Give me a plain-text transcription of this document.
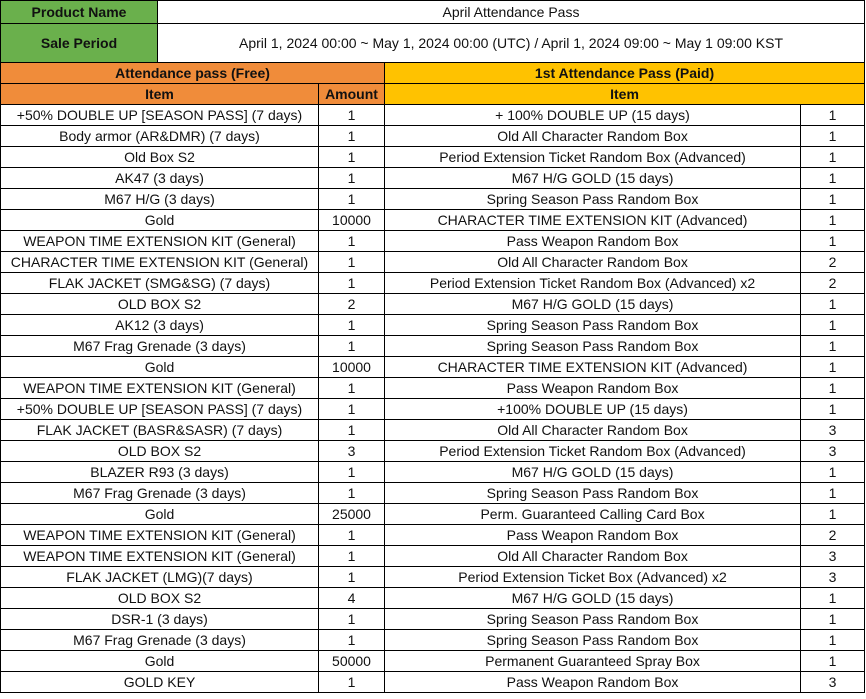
Product Name	April Attendance Pass
Sale Period	April 1, 2024 00:00 ~ May 1, 2024 00:00 (UTC) / April 1, 2024 09:00 ~ May 1 09:00 KST
Attendance pass (Free)		1st Attendance Pass (Paid)	
Item	Amount	Item	
+50% DOUBLE UP [SEASON PASS] (7 days)	1	+ 100% DOUBLE UP (15 days)	1
Body armor (AR&DMR) (7 days)	1	Old All Character Random Box	1
Old Box S2	1	Period Extension Ticket Random Box (Advanced)	1
AK47 (3 days)	1	M67 H/G GOLD (15 days)	1
M67 H/G (3 days)	1	Spring Season Pass Random Box	1
Gold	10000	CHARACTER TIME EXTENSION KIT (Advanced)	1
WEAPON TIME EXTENSION KIT (General)	1	Pass Weapon Random Box	1
CHARACTER TIME EXTENSION KIT (General)	1	Old All Character Random Box	2
FLAK JACKET (SMG&SG) (7 days)	1	Period Extension Ticket Random Box (Advanced) x2	2
OLD BOX S2	2	M67 H/G GOLD (15 days)	1
AK12 (3 days)	1	Spring Season Pass Random Box	1
M67 Frag Grenade (3 days)	1	Spring Season Pass Random Box	1
Gold	10000	CHARACTER TIME EXTENSION KIT (Advanced)	1
WEAPON TIME EXTENSION KIT (General)	1	Pass Weapon Random Box	1
+50% DOUBLE UP [SEASON PASS] (7 days)	1	+100% DOUBLE UP (15 days)	1
FLAK JACKET (BASR&SASR) (7 days)	1	Old All Character Random Box	3
OLD BOX S2	3	Period Extension Ticket Random Box (Advanced)	3
BLAZER R93 (3 days)	1	M67 H/G GOLD (15 days)	1
M67 Frag Grenade (3 days)	1	Spring Season Pass Random Box	1
Gold	25000	Perm. Guaranteed Calling Card Box	1
WEAPON TIME EXTENSION KIT (General)	1	Pass Weapon Random Box	2
WEAPON TIME EXTENSION KIT (General)	1	Old All Character Random Box	3
FLAK JACKET (LMG)(7 days)	1	Period Extension Ticket Box (Advanced) x2	3
OLD BOX S2	4	M67 H/G GOLD (15 days)	1
DSR-1 (3 days)	1	Spring Season Pass Random Box	1
M67 Frag Grenade (3 days)	1	Spring Season Pass Random Box	1
Gold	50000	Permanent Guaranteed Spray Box	1
GOLD KEY	1	Pass Weapon Random Box	3
